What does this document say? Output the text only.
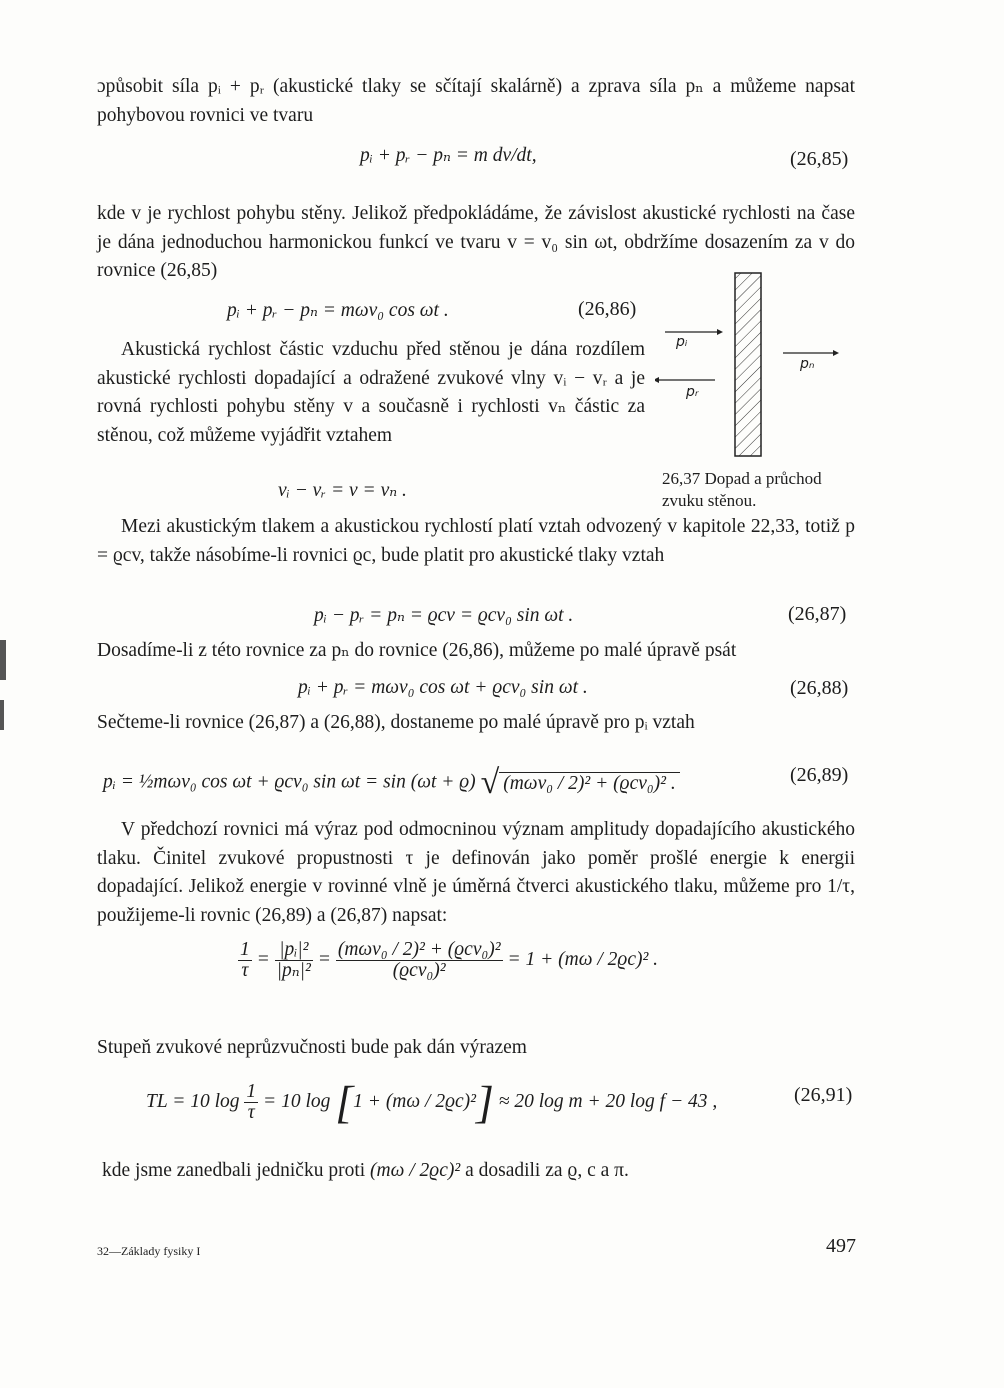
ɔpůsobit síla pᵢ + pᵣ (akustické tlaky se sčítají skalárně) a zprava síla pₙ a můžeme napsat pohybovou rovnici ve tvaru
pᵢ + pᵣ − pₙ = m dv/dt,	(26,85)
kde v je rychlost pohybu stěny. Jelikož předpokládáme, že závislost akustické rychlosti na čase je dána jednoduchou harmonickou funkcí ve tvaru v = v₀ sin ωt, obdržíme dosazením za v do rovnice (26,85)
pᵢ + pᵣ − pₙ = mωv₀ cos ωt .	(26,86)
Akustická rychlost částic vzduchu před stěnou je dána rozdílem akustické rychlosti dopadající a odražené zvukové vlny vᵢ − vᵣ a je rovná rychlosti pohybu stěny v a současně i rychlosti vₙ částic za stěnou, což můžeme vyjádřit vztahem
vᵢ − vᵣ = v = vₙ .
pᵢ
pᵣ
pₙ
26,37 Dopad a průchod zvuku stěnou.
Mezi akustickým tlakem a akustickou rychlostí platí vztah odvozený v kapitole 22,33, totiž p = ϱcv, takže násobíme-li rovnici ϱc, bude platit pro akustické tlaky vztah
pᵢ − pᵣ = pₙ = ϱcv = ϱcv₀ sin ωt .	(26,87)
Dosadíme-li z této rovnice za pₙ do rovnice (26,86), můžeme po malé úpravě psát
pᵢ + pᵣ = mωv₀ cos ωt + ϱcv₀ sin ωt .	(26,88)
Sečteme-li rovnice (26,87) a (26,88), dostaneme po malé úpravě pro pᵢ vztah
pᵢ = ½mωv₀ cos ωt + ϱcv₀ sin ωt = sin (ωt + ϱ) √ (mωv₀ / 2)² + (ϱcv₀)² .	(26,89)
V předchozí rovnici má výraz pod odmocninou význam amplitudy dopadajícího akustického tlaku. Činitel zvukové propustnosti τ je definován jako poměr prošlé energie k energii dopadající. Jelikož energie v rovinné vlně je úměrná čtverci akustického tlaku, můžeme pro 1/τ, použijeme-li rovnic (26,89) a (26,87) napsat:
$\frac{1}{\tau} = \frac{\text{|pᵢ|²}}{\text{|pₙ|²}} = \frac{\text{(mωv₀ / 2)² + (ϱcv₀)²}}{\text{(ϱcv₀)²}} = 1 + (m\omega / 2ϱc)^2$ .
Stupeň zvukové neprůzvučnosti bude pak dán výrazem
TL = 10 $\log \frac{1}{\tau} = 10$ log [1 + (mω / 2ϱc)²] ≈ 20 log m + 20 log f − 43 ,	(26,91)
kde jsme zanedbali jedničku proti (mω / 2ϱc)² a dosadili za ϱ, c a π.
32—Základy fysiky I	497
